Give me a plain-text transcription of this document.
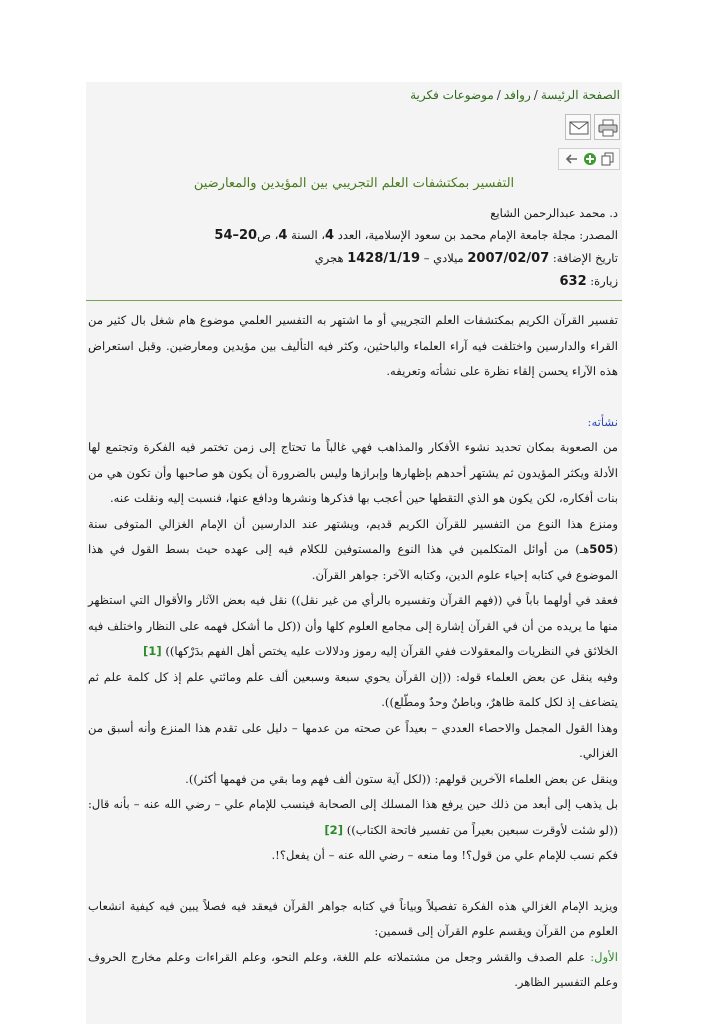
الصفحة الرئيسة/روافد/موضوعات فكرية
التفسير بمكتشفات العلم التجريبي بين المؤيدين والمعارضين
د. محمد عبدالرحمن الشايع
المصدر: مجلة جامعة الإمام محمد بن سعود الإسلامية، العدد 4، السنة 4، ص20–54
تاريخ الإضافة: 2007/02/07 ميلادي – 1428/1/19 هجري
زيارة: 632

تفسير القرآن الكريم بمكتشفات العلم التجريبي أو ما اشتهر به التفسير العلمي موضوع هام شغل بال كثير من القراء والدارسين واختلفت فيه آراء العلماء والباحثين، وكثر فيه التأليف بين مؤيدين ومعارضين. وقبل استعراض هذه الآراء يحسن إلقاء نظرة على نشأته وتعريفه.

نشأته:

من الصعوبة بمكان تحديد نشوء الأفكار والمذاهب فهي غالباً ما تحتاج إلى زمن تختمر فيه الفكرة وتجتمع لها الأدلة ويكثر المؤيدون ثم يشتهر أحدهم بإظهارها وإبرازها وليس بالضرورة أن يكون هو صاحبها وأن تكون هي من بنات أفكاره، لكن يكون هو الذي التقطها حين أعجب بها فذكرها ونشرها ودافع عنها، فنسبت إليه ونقلت عنه.

ومنزع هذا النوع من التفسير للقرآن الكريم قديم، ويشتهر عند الدارسين أن الإمام الغزالي المتوفى سنة (505هـ) من أوائل المتكلمين في هذا النوع والمستوفين للكلام فيه إلى عهده حيث بسط القول في هذا الموضوع في كتابه إحياء علوم الدين، وكتابه الآخر: جواهر القرآن.

فعقد في أولهما باباً في ((فهم القرآن وتفسيره بالرأي من غير نقل)) نقل فيه بعض الآثار والأقوال التي استظهر منها ما يريده من أن في القرآن إشارة إلى مجامع العلوم كلها وأن ((كل ما أشكل فهمه على النظار واختلف فيه الخلائق في النظريات والمعقولات ففي القرآن إليه رموز ودلالات عليه يختص أهل الفهم بدَرْكها)) [1]

وفيه ينقل عن بعض العلماء قوله: ((إن القرآن يحوي سبعة وسبعين ألف علم ومائتي علم إذ كل كلمة علم ثم يتضاعف إذ لكل كلمة ظاهرٌ، وباطنٌ وحدٌ ومطّلع)).

وهذا القول المجمل والاحصاء العددي – بعيداً عن صحته من عدمها – دليل على تقدم هذا المنزع وأنه أسبق من الغزالي.

وينقل عن بعض العلماء الآخرين قولهم: ((لكل آية ستون ألف فهم وما بقي من فهمها أكثر)).

بل يذهب إلى أبعد من ذلك حين يرفع هذا المسلك إلى الصحابة فينسب للإمام علي – رضي الله عنه – بأنه قال: ((لو شئت لأوقرت سبعين بعيراً من تفسير فاتحة الكتاب)) [2]

فكم نسب للإمام علي من قول؟! وما منعه – رضي الله عنه – أن يفعل؟!.

ويزيد الإمام الغزالي هذه الفكرة تفصيلاً وبياناً في كتابه جواهر القرآن فيعقد فيه فصلاً يبين فيه كيفية انشعاب العلوم من القرآن ويقسم علوم القرآن إلى قسمين:

الأول: علم الصدف والقشر وجعل من مشتملاته علم اللغة، وعلم النحو، وعلم القراءات وعلم مخارج الحروف وعلم التفسير الظاهر.
